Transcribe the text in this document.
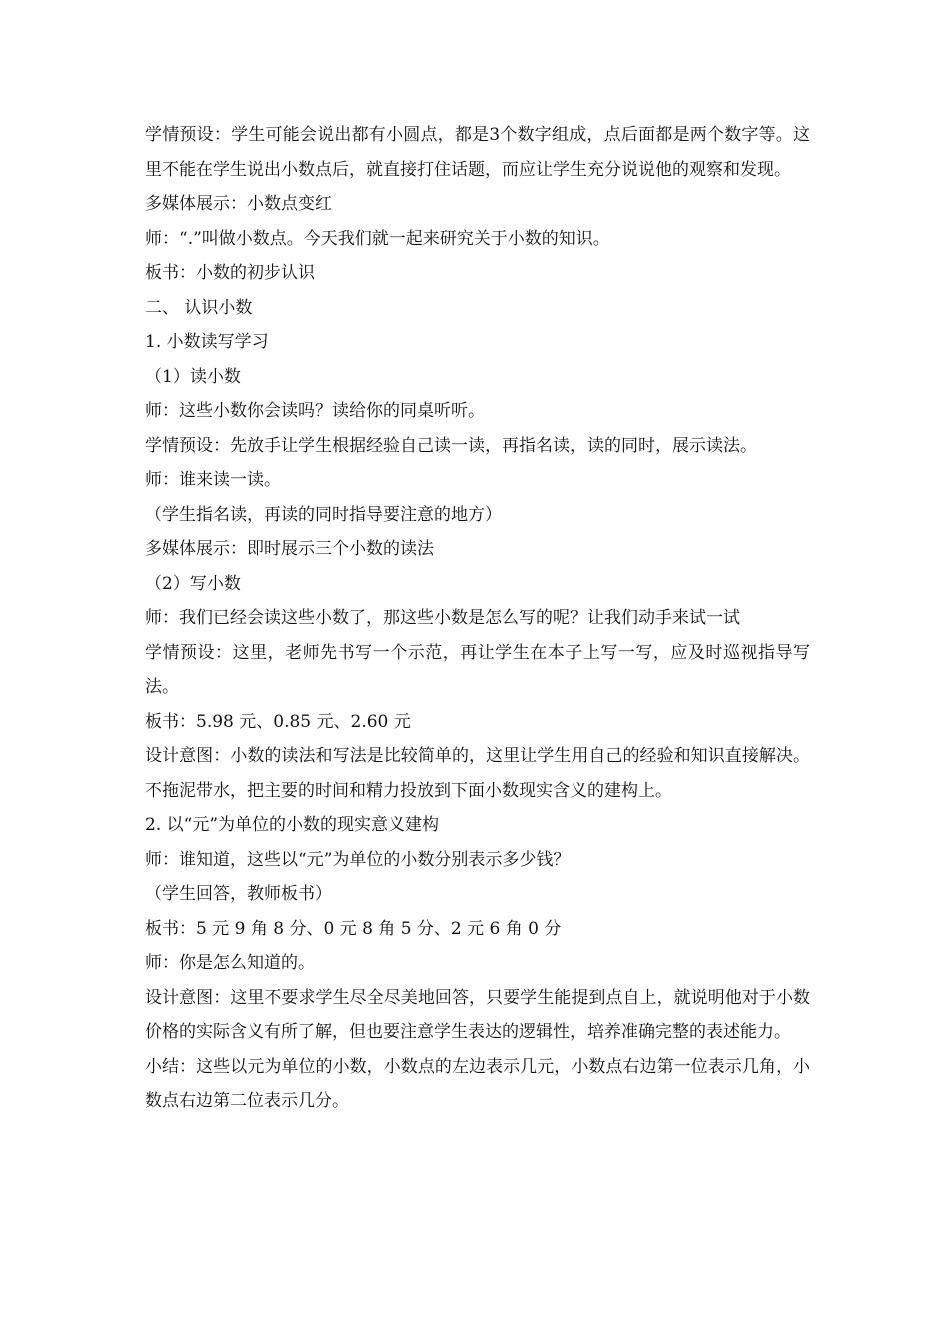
学情预设：学生可能会说出都有小圆点，都是3个数字组成，点后面都是两个数字等。这里不能在学生说出小数点后，就直接打住话题，而应让学生充分说说他的观察和发现。

多媒体展示：小数点变红

师：“.”叫做小数点。今天我们就一起来研究关于小数的知识。

板书：小数的初步认识

二、 认识小数

1. 小数读写学习

（1）读小数

师：这些小数你会读吗？读给你的同桌听听。

学情预设：先放手让学生根据经验自己读一读，再指名读，读的同时，展示读法。

师：谁来读一读。

（学生指名读，再读的同时指导要注意的地方）

多媒体展示：即时展示三个小数的读法

（2）写小数

师：我们已经会读这些小数了，那这些小数是怎么写的呢？让我们动手来试一试

学情预设：这里，老师先书写一个示范，再让学生在本子上写一写，应及时巡视指导写法。

板书：5.98 元、0.85 元、2.60 元

设计意图：小数的读法和写法是比较简单的，这里让学生用自己的经验和知识直接解决。不拖泥带水，把主要的时间和精力投放到下面小数现实含义的建构上。

2. 以“元”为单位的小数的现实意义建构

师：谁知道，这些以“元”为单位的小数分别表示多少钱？

（学生回答，教师板书）

板书：5 元 9 角 8 分、0 元 8 角 5 分、2 元 6 角 0 分

师：你是怎么知道的。

设计意图：这里不要求学生尽全尽美地回答，只要学生能提到点自上，就说明他对于小数价格的实际含义有所了解，但也要注意学生表达的逻辑性，培养准确完整的表述能力。

小结：这些以元为单位的小数，小数点的左边表示几元，小数点右边第一位表示几角，小数点右边第二位表示几分。
